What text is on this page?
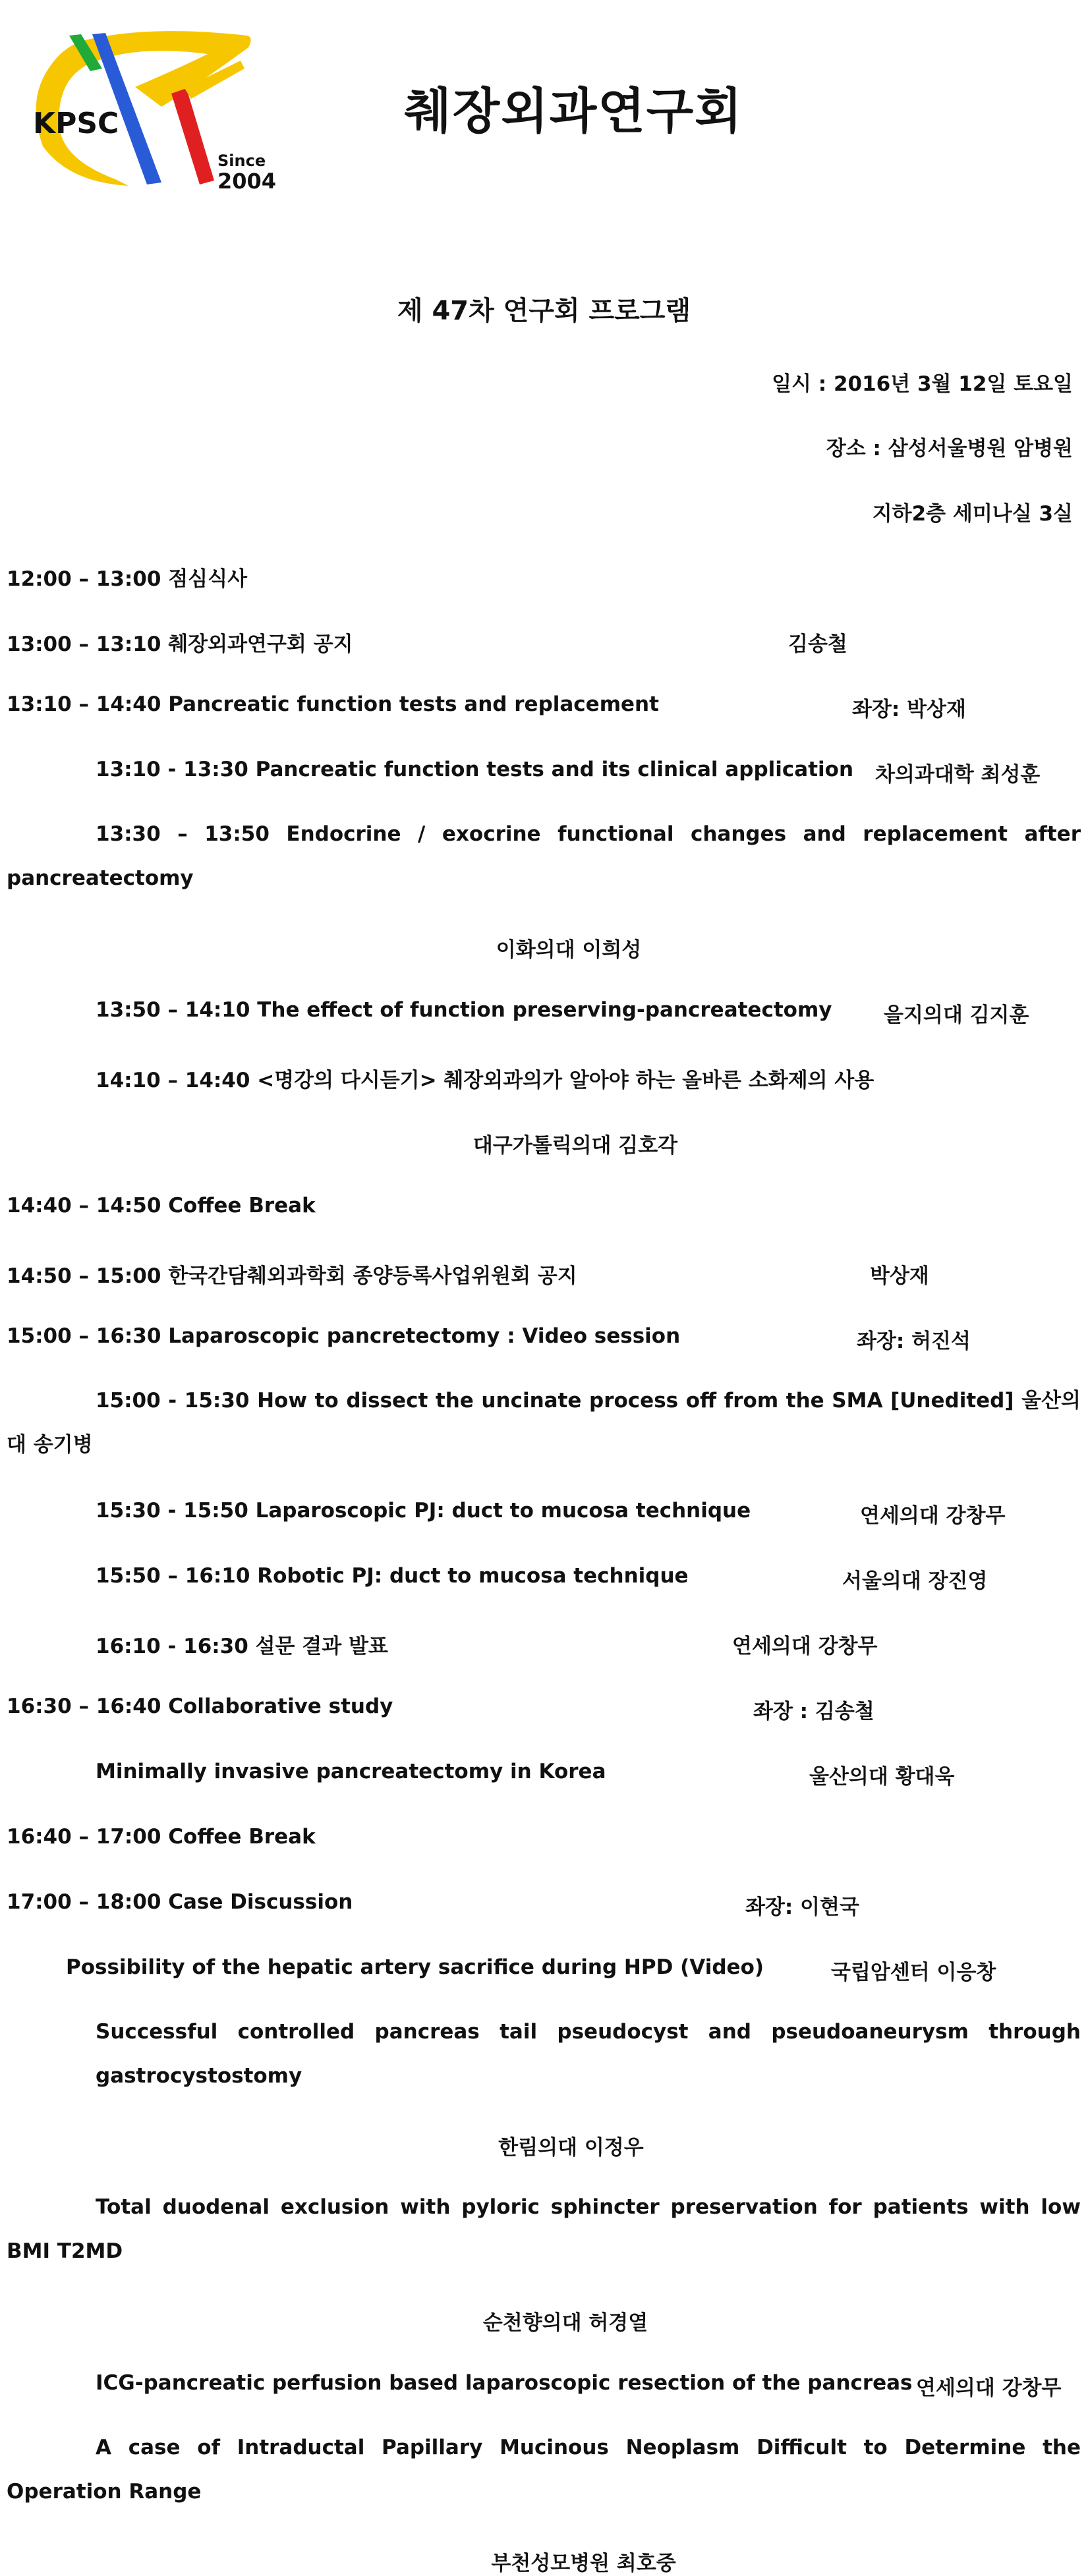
KPSC
Since
2004
췌장외과연구회
제 47차 연구회 프로그램
일시 : 2016년 3월 12일 토요일
장소 : 삼성서울병원 암병원
지하2층 세미나실 3실
12:00 – 13:00 점심식사
13:00 – 13:10 췌장외과연구회 공지	김송철
13:10 – 14:40 Pancreatic function tests and replacement	좌장: 박상재
13:10 - 13:30 Pancreatic function tests and its clinical application 차의과대학 최성훈
13:30 – 13:50 Endocrine / exocrine functional changes and replacement after pancreatectomy
이화의대 이희성
13:50 – 14:10 The effect of function preserving-pancreatectomy	을지의대 김지훈
14:10 – 14:40 <명강의 다시듣기> 췌장외과의가 알아야 하는 올바른 소화제의 사용
대구가톨릭의대 김호각
14:40 – 14:50 Coffee Break
14:50 – 15:00 한국간담췌외과학회 종양등록사업위원회 공지	박상재
15:00 – 16:30 Laparoscopic pancretectomy : Video session	좌장: 허진석
15:00 - 15:30 How to dissect the uncinate process off from the SMA [Unedited] 울산의대 송기병
15:30 - 15:50 Laparoscopic PJ: duct to mucosa technique	연세의대 강창무
15:50 – 16:10 Robotic PJ: duct to mucosa technique	서울의대 장진영
16:10 - 16:30 설문 결과 발표	연세의대 강창무
16:30 – 16:40 Collaborative study	좌장 : 김송철
Minimally invasive pancreatectomy in Korea	울산의대 황대욱
16:40 – 17:00 Coffee Break
17:00 – 18:00 Case Discussion	좌장: 이현국
Possibility of the hepatic artery sacrifice during HPD (Video)	국립암센터 이응창
Successful controlled pancreas tail pseudocyst and pseudoaneurysm through gastrocystostomy
한림의대 이정우
Total duodenal exclusion with pyloric sphincter preservation for patients with low BMI T2MD
순천향의대 허경열
ICG-pancreatic perfusion based laparoscopic resection of the pancreas 연세의대 강창무
A case of Intraductal Papillary Mucinous Neoplasm Difficult to Determine the Operation Range
부천성모병원 최호중
